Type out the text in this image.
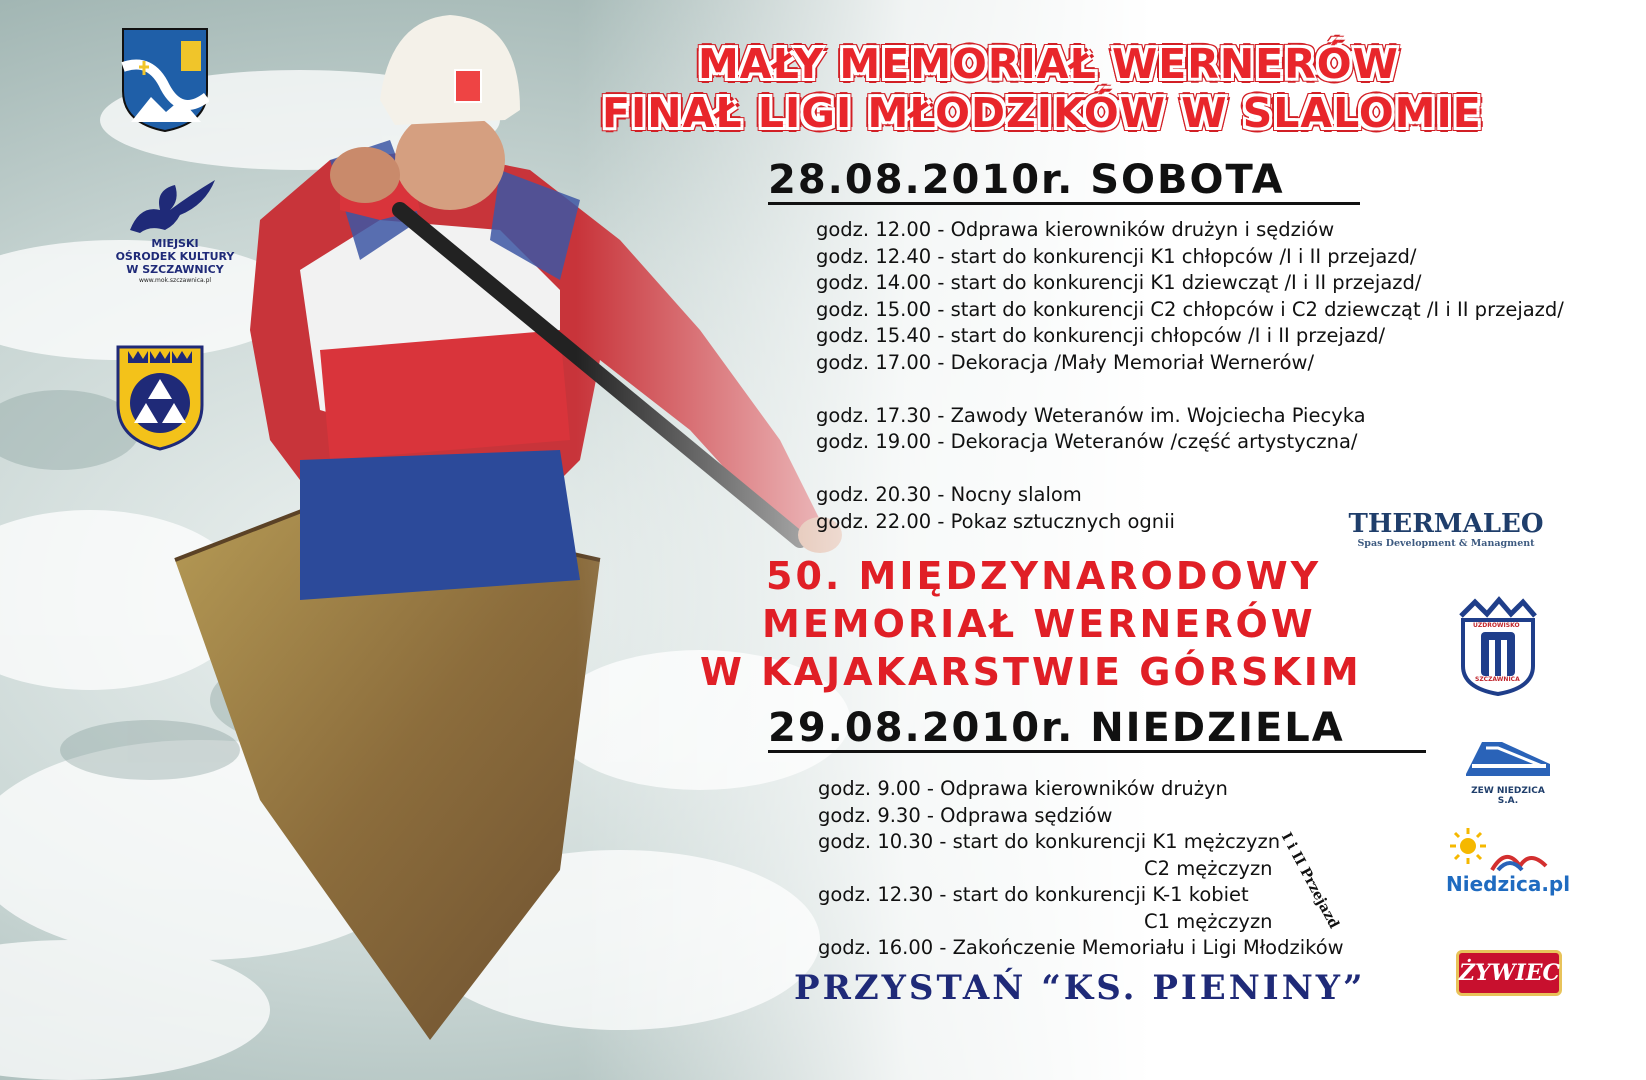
MIEJSKI
OŚRODEK KULTURY
W SZCZAWNICY
www.mok.szczawnica.pl
MAŁY MEMORIAŁ WERNERÓW
FINAŁ LIGI MŁODZIKÓW W SLALOMIE
28.08.2010r. SOBOTA
godz. 12.00 - Odprawa kierowników drużyn i sędziów
godz. 12.40 - start do konkurencji K1 chłopców /I i II przejazd/
godz. 14.00 - start do konkurencji K1 dziewcząt /I i II przejazd/
godz. 15.00 - start do konkurencji C2 chłopców i C2 dziewcząt /I i II przejazd/
godz. 15.40 - start do konkurencji chłopców /I i II przejazd/
godz. 17.00 - Dekoracja /Mały Memoriał Wernerów/
godz. 17.30 - Zawody Weteranów im. Wojciecha Piecyka
godz. 19.00 - Dekoracja Weteranów /część artystyczna/
godz. 20.30 - Nocny slalom
godz. 22.00 - Pokaz sztucznych ognii
50. MIĘDZYNARODOWY
MEMORIAŁ WERNERÓW
W KAJAKARSTWIE GÓRSKIM
29.08.2010r. NIEDZIELA
godz. 9.00 - Odprawa kierowników drużyn
godz. 9.30 - Odprawa sędziów
godz. 10.30 - start do konkurencji K1 mężczyzn
C2 mężczyzn
godz. 12.30 - start do konkurencji K-1 kobiet
C1 mężczyzn
godz. 16.00 - Zakończenie Memoriału i Ligi Młodzików
I i II Przejazd
PRZYSTAŃ “KS. PIENINY”
THERMALEO
Spas Development & Managment
UZDROWISKO
SZCZAWNICA
ZEW NIEDZICA S.A.
Niedzica.pl
ŻYWIEC
